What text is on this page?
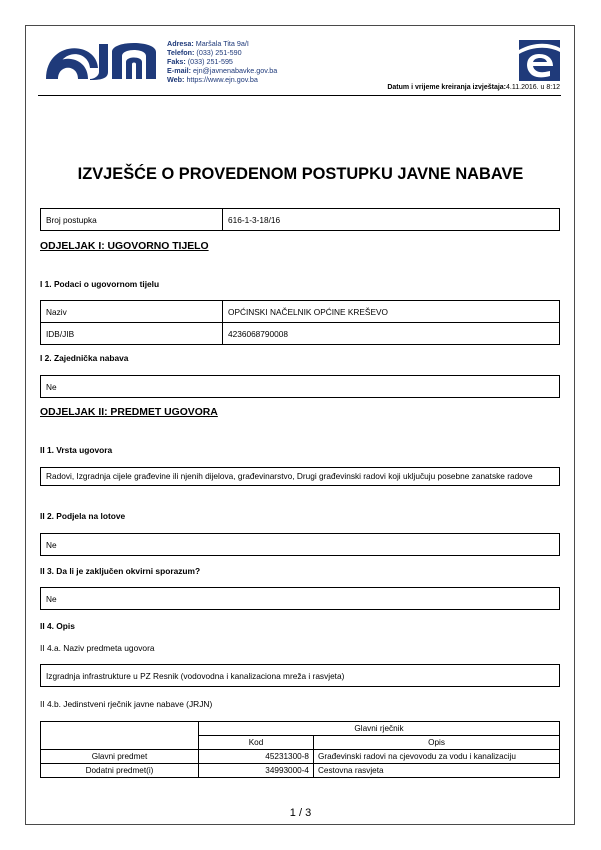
Adresa: Maršala Tita 9a/I
Telefon: (033) 251-590
Faks: (033) 251-595
E-mail: ejn@javnenabavke.gov.ba
Web: https://www.ejn.gov.ba
Datum i vrijeme kreiranja izvještaja:4.11.2016. u 8:12
IZVJEŠĆE O PROVEDENOM POSTUPKU JAVNE NABAVE
Broj postupka	616-1-3-18/16
ODJELJAK I: UGOVORNO TIJELO
I 1. Podaci o ugovornom tijelu
Naziv	OPĆINSKI NAČELNIK OPĆINE KREŠEVO
IDB/JIB	4236068790008
I 2. Zajednička nabava
Ne
ODJELJAK II: PREDMET UGOVORA
II 1. Vrsta ugovora
Radovi, Izgradnja cijele građevine ili njenih dijelova, građevinarstvo, Drugi građevinski radovi koji uključuju posebne zanatske radove
II 2. Podjela na lotove
Ne
II 3. Da li je zaključen okvirni sporazum?
Ne
II 4. Opis
II 4.a. Naziv predmeta ugovora
Izgradnja infrastrukture u PZ Resnik (vodovodna i kanalizaciona mreža i rasvjeta)
II 4.b. Jedinstveni rječnik javne nabave (JRJN)
	Glavni rječnik	
	Kod	Opis
Glavni predmet	45231300-8	Građevinski radovi na cjevovodu za vodu i kanalizaciju
Dodatni predmet(i)	34993000-4	Cestovna rasvjeta
1 / 3
